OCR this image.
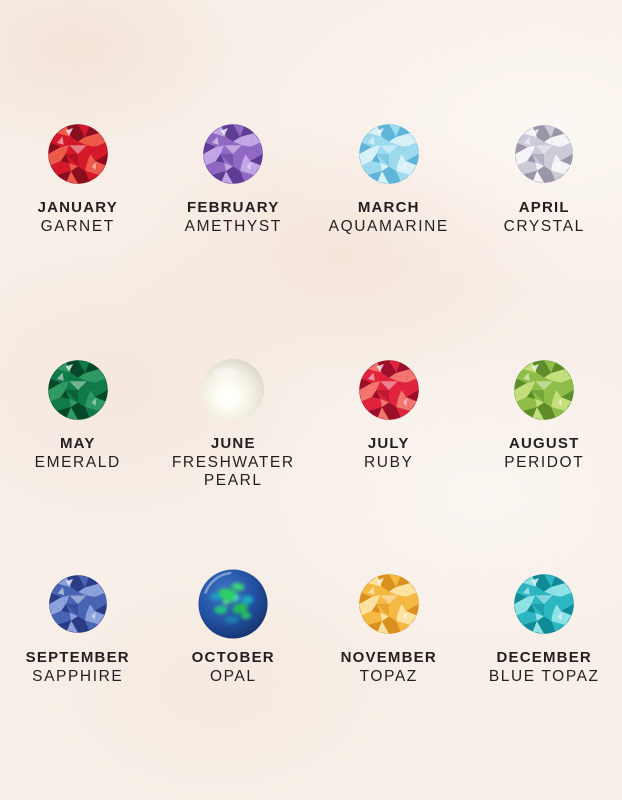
JANUARY
GARNET
FEBRUARY
AMETHYST
MARCH
AQUAMARINE
APRIL
CRYSTAL
MAY
EMERALD
JUNE
FRESHWATER PEARL
JULY
RUBY
AUGUST
PERIDOT
SEPTEMBER
SAPPHIRE
OCTOBER
OPAL
NOVEMBER
TOPAZ
DECEMBER
BLUE TOPAZ
